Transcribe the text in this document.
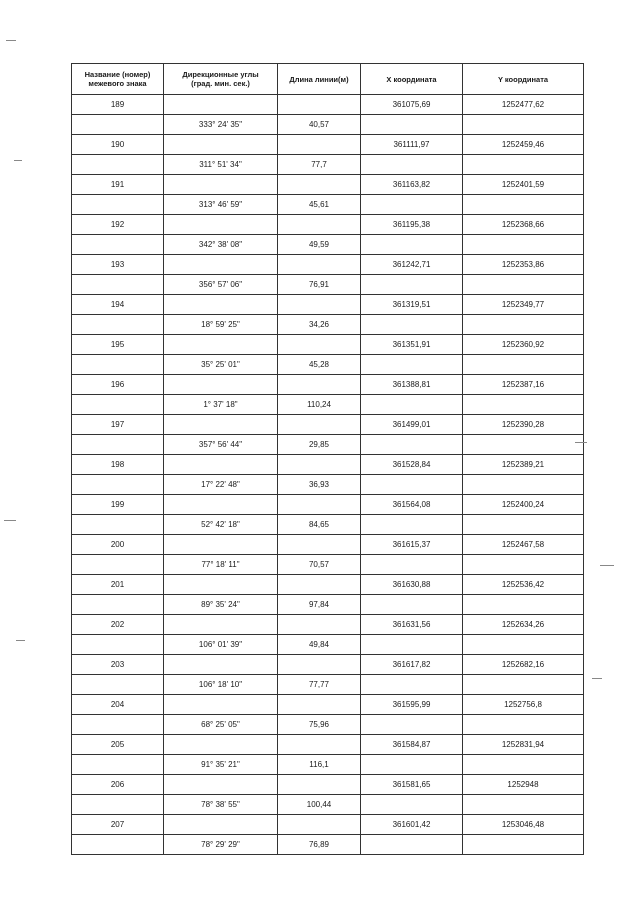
Название (номер)
межевого знака	Дирекционные углы
(град. мин. сек.)	Длина линии(м)	X координата	Y координата
189			361075,69	1252477,62
	333° 24' 35"	40,57		
190			361111,97	1252459,46
	311° 51' 34"	77,7		
191			361163,82	1252401,59
	313° 46' 59"	45,61		
192			361195,38	1252368,66
	342° 38' 08"	49,59		
193			361242,71	1252353,86
	356° 57' 06"	76,91		
194			361319,51	1252349,77
	18° 59' 25"	34,26		
195			361351,91	1252360,92
	35° 25' 01"	45,28		
196			361388,81	1252387,16
	1° 37' 18"	110,24		
197			361499,01	1252390,28
	357° 56' 44"	29,85		
198			361528,84	1252389,21
	17° 22' 48"	36,93		
199			361564,08	1252400,24
	52° 42' 18"	84,65		
200			361615,37	1252467,58
	77° 18' 11"	70,57		
201			361630,88	1252536,42
	89° 35' 24"	97,84		
202			361631,56	1252634,26
	106° 01' 39"	49,84		
203			361617,82	1252682,16
	106° 18' 10"	77,77		
204			361595,99	1252756,8
	68° 25' 05"	75,96		
205			361584,87	1252831,94
	91° 35' 21"	116,1		
206			361581,65	1252948
	78° 38' 55"	100,44		
207			361601,42	1253046,48
	78° 29' 29"	76,89		
